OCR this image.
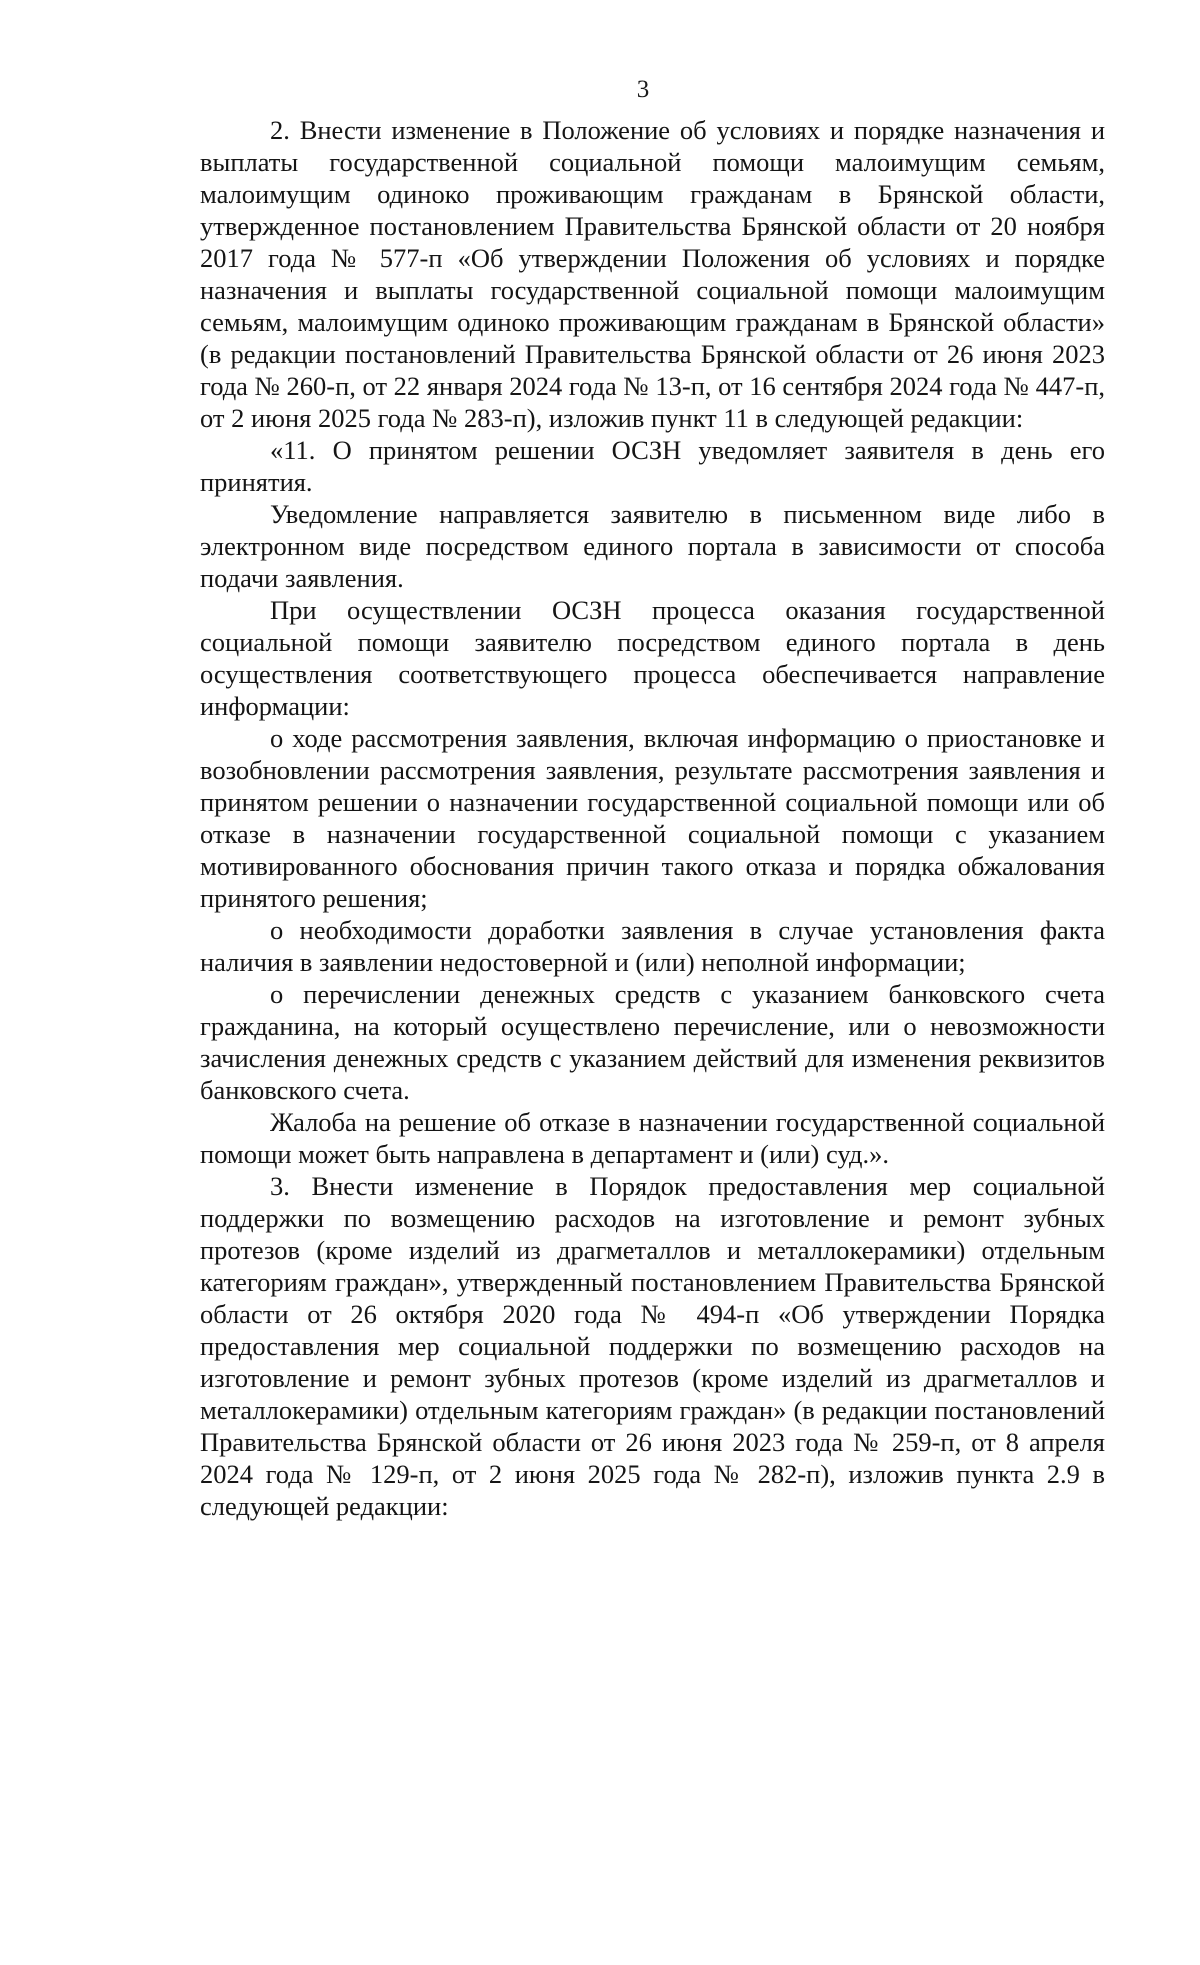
3

2. Внести изменение в Положение об условиях и порядке назначения и выплаты государственной социальной помощи малоимущим семьям, малоимущим одиноко проживающим гражданам в Брянской области, утвержденное постановлением Правительства Брянской области от 20 ноября 2017 года № 577-п «Об утверждении Положения об условиях и порядке назначения и выплаты государственной социальной помощи малоимущим семьям, малоимущим одиноко проживающим гражданам в Брянской области» (в редакции постановлений Правительства Брянской области от 26 июня 2023 года № 260-п, от 22 января 2024 года № 13-п, от 16 сентября 2024 года № 447-п, от 2 июня 2025 года № 283-п), изложив пункт 11 в следующей редакции:

«11. О принятом решении ОСЗН уведомляет заявителя в день его принятия.

Уведомление направляется заявителю в письменном виде либо в электронном виде посредством единого портала в зависимости от способа подачи заявления.

При осуществлении ОСЗН процесса оказания государственной социальной помощи заявителю посредством единого портала в день осуществления соответствующего процесса обеспечивается направление информации:

о ходе рассмотрения заявления, включая информацию о приостановке и возобновлении рассмотрения заявления, результате рассмотрения заявления и принятом решении о назначении государственной социальной помощи или об отказе в назначении государственной социальной помощи с указанием мотивированного обоснования причин такого отказа и порядка обжалования принятого решения;

о необходимости доработки заявления в случае установления факта наличия в заявлении недостоверной и (или) неполной информации;

о перечислении денежных средств с указанием банковского счета гражданина, на который осуществлено перечисление, или о невозможности зачисления денежных средств с указанием действий для изменения реквизитов банковского счета.

Жалоба на решение об отказе в назначении государственной социальной помощи может быть направлена в департамент и (или) суд.».

3. Внести изменение в Порядок предоставления мер социальной поддержки по возмещению расходов на изготовление и ремонт зубных протезов (кроме изделий из драгметаллов и металлокерамики) отдельным категориям граждан», утвержденный постановлением Правительства Брянской области от 26 октября 2020 года № 494-п «Об утверждении Порядка предоставления мер социальной поддержки по возмещению расходов на изготовление и ремонт зубных протезов (кроме изделий из драгметаллов и металлокерамики) отдельным категориям граждан» (в редакции постановлений Правительства Брянской области от 26 июня 2023 года № 259-п, от 8 апреля 2024 года № 129-п, от 2 июня 2025 года № 282-п), изложив пункта 2.9 в следующей редакции:
